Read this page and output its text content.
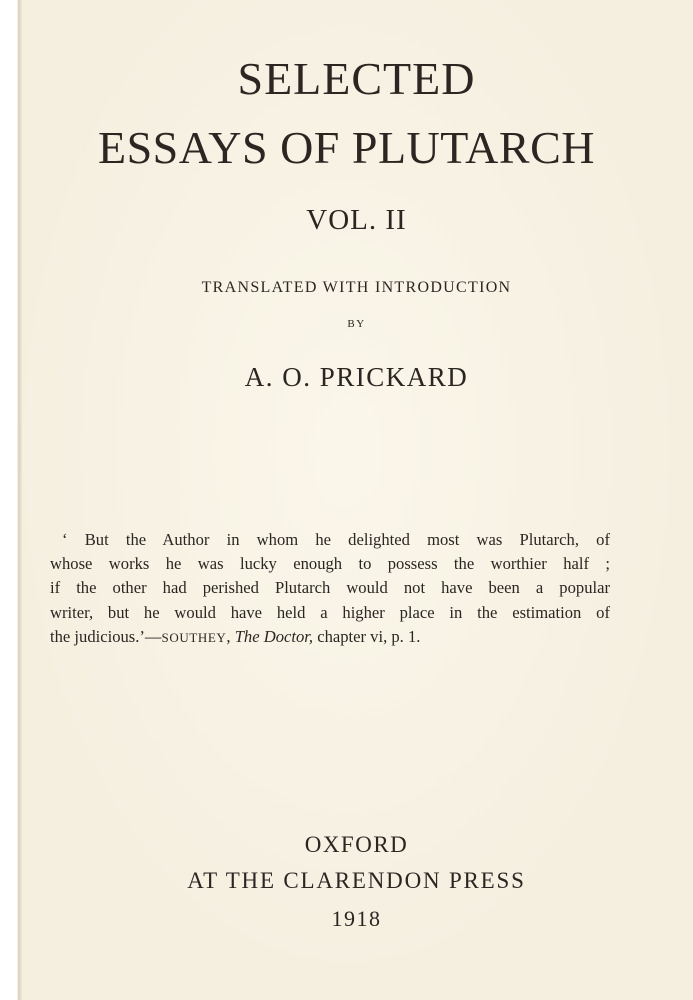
SELECTED
ESSAYS OF PLUTARCH
VOL. II
TRANSLATED WITH INTRODUCTION
BY
A. O. PRICKARD
‘ But the Author in whom he delighted most was Plutarch, of
whose works he was lucky enough to possess the worthier half ;
if the other had perished Plutarch would not have been a popular
writer, but he would have held a higher place in the estimation of
the judicious.’—SOUTHEY, The Doctor, chapter vi, p. 1.
OXFORD
AT THE CLARENDON PRESS
1918
